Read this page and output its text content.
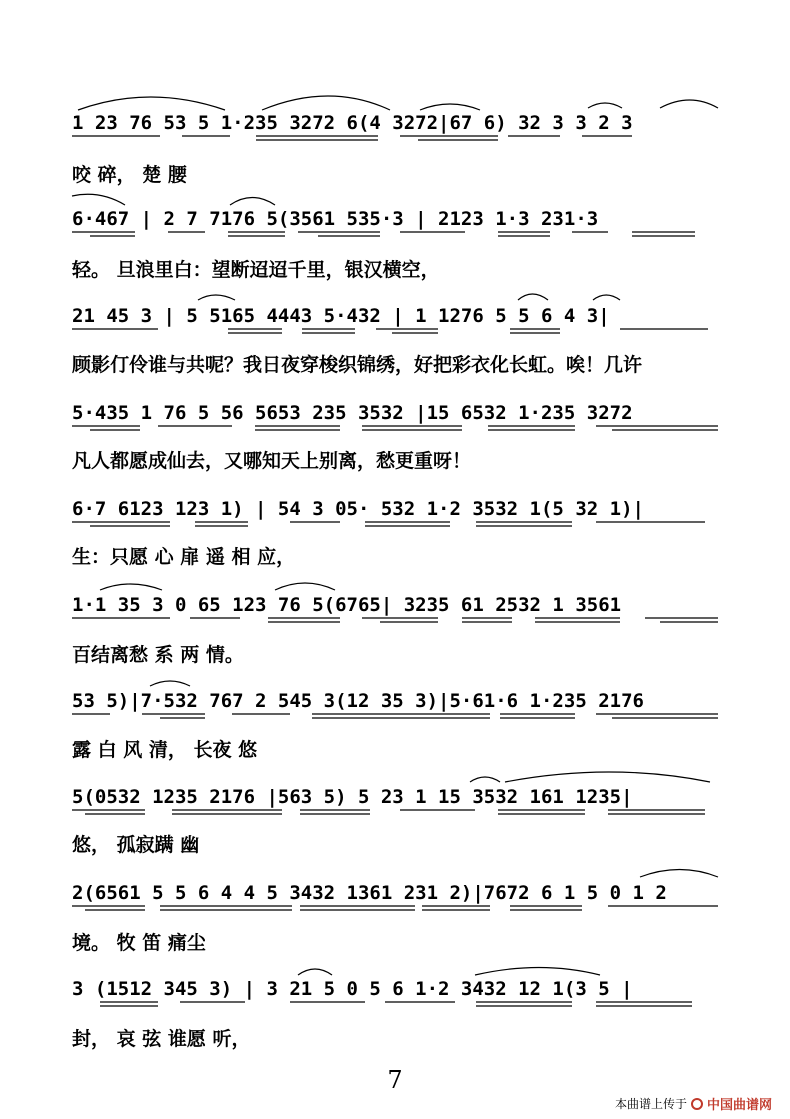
1 23 76 53 5 1·235 3272 6(4 3272|67 6) 32 3 3 2 3
咬 碎， 楚 腰
6·467 | 2 7 7176 5(3561 535·3 | 2123 1·3 231·3
轻。 旦浪里白：望断迢迢千里，银汉横空，
21 45 3 | 5 5165 4443 5·432 | 1 1276 5 5 6 4 3|
顾影仃伶谁与共呢？我日夜穿梭织锦绣，好把彩衣化长虹。唉！几许
5·435 1 76 5 56 5653 235 3532 |15 6532 1·235 3272
凡人都愿成仙去，又哪知天上别离，愁更重呀！
6·7 6123 123 1) | 54 3 05· 532 1·2 3532 1(5 32 1)|
生：只愿 心 扉 遥 相 应，
1·1 35 3 0 65 123 76 5(6765| 3235 61 2532 1 3561
百结离愁 系 两 情。
53 5)|7·532 767 2 545 3(12 35 3)|5·61·6 1·235 2176
露 白 风 清， 长夜 悠
5(0532 1235 2176 |563 5) 5 23 1 15 3532 161 1235|
悠， 孤寂蹒 幽
2(6561 5 5 6 4 4 5 3432 1361 231 2)|7672 6 1 5 0 1 2
境。 牧 笛 痛尘
3 (1512 345 3) | 3 21 5 0 5 6 1·2 3432 12 1(3 5 |
封， 哀 弦 谁愿 听，
7
本曲谱上传于 中国曲谱网
